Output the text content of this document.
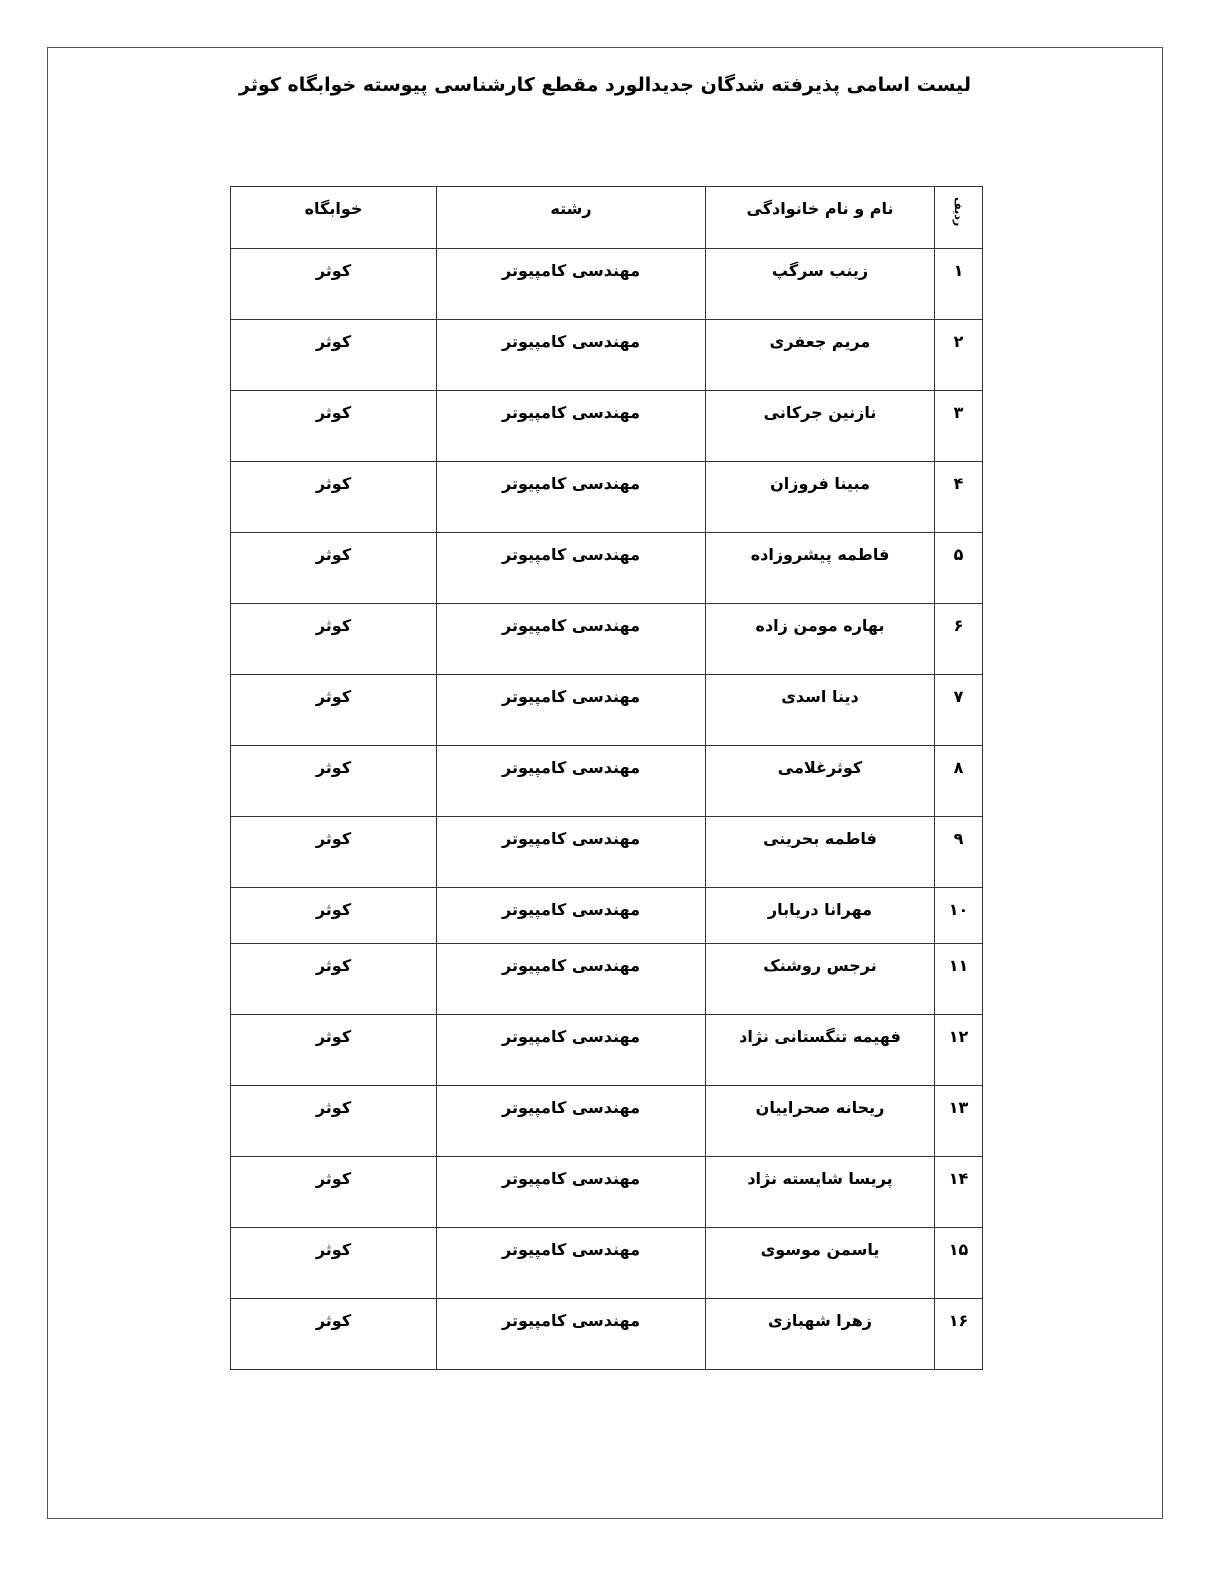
لیست اسامی پذیرفته شدگان جدیدالورد مقطع کارشناسی پیوسته خوابگاه کوثر
ردیف	نام و نام خانوادگی	رشته	خوابگاه
۱	زینب سرگپ	مهندسی کامپیوتر	کوثر
۲	مریم جعفری	مهندسی کامپیوتر	کوثر
۳	نازنین جرکانی	مهندسی کامپیوتر	کوثر
۴	مبینا فروزان	مهندسی کامپیوتر	کوثر
۵	فاطمه پیشروزاده	مهندسی کامپیوتر	کوثر
۶	بهاره مومن زاده	مهندسی کامپیوتر	کوثر
۷	دینا اسدی	مهندسی کامپیوتر	کوثر
۸	کوثرغلامی	مهندسی کامپیوتر	کوثر
۹	فاطمه بحرینی	مهندسی کامپیوتر	کوثر
۱۰	مهرانا دریابار	مهندسی کامپیوتر	کوثر
۱۱	نرجس روشنک	مهندسی کامپیوتر	کوثر
۱۲	فهیمه تنگستانی نژاد	مهندسی کامپیوتر	کوثر
۱۳	ریحانه صحراییان	مهندسی کامپیوتر	کوثر
۱۴	پریسا شایسته نژاد	مهندسی کامپیوتر	کوثر
۱۵	یاسمن موسوی	مهندسی کامپیوتر	کوثر
۱۶	زهرا شهبازی	مهندسی کامپیوتر	کوثر
